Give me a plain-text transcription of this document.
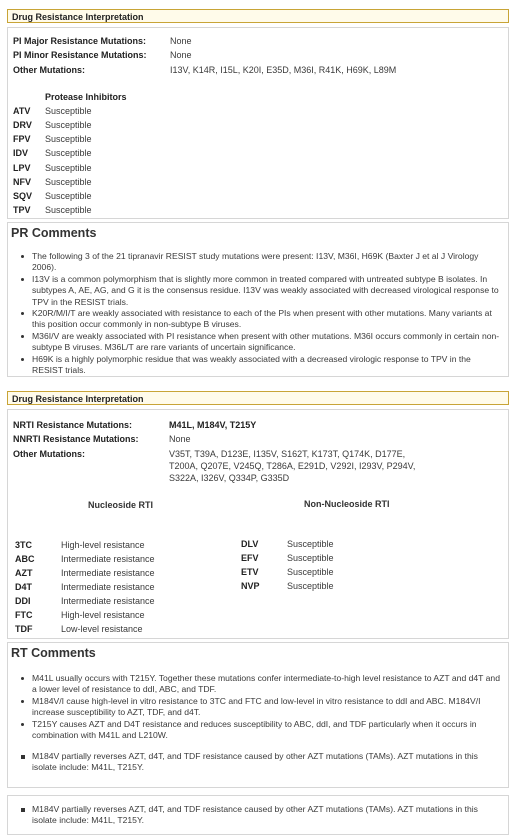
Drug Resistance Interpretation
PI Major Resistance Mutations:	None
PI Minor Resistance Mutations:	None
Other Mutations:	I13V, K14R, I15L, K20I, E35D, M36I, R41K, H69K, L89M
Protease Inhibitors
ATV Susceptible
DRV Susceptible
FPV Susceptible
IDV Susceptible
LPV Susceptible
NFV Susceptible
SQV Susceptible
TPV Susceptible
PR Comments
The following 3 of the 21 tipranavir RESIST study mutations were present: I13V, M36I, H69K (Baxter J et al J Virology 2006).
I13V is a common polymorphism that is slightly more common in treated compared with untreated subtype B isolates. In subtypes A, AE, AG, and G it is the consensus residue. I13V was weakly associated with decreased virological response to TPV in the RESIST trials.
K20R/M/I/T are weakly associated with resistance to each of the PIs when present with other mutations. Many variants at this position occur commonly in non-subtype B viruses.
M36I/V are weakly associated with PI resistance when present with other mutations. M36I occurs commonly in certain non-subtype B viruses. M36L/T are rare variants of uncertain significance.
H69K is a highly polymorphic residue that was weakly associated with a decreased virologic response to TPV in the RESIST trials.
Drug Resistance Interpretation
NRTI Resistance Mutations:	M41L, M184V, T215Y
NNRTI Resistance Mutations:	None
Other Mutations:	V35T, T39A, D123E, I135V, S162T, K173T, Q174K, D177E,
T200A, Q207E, V245Q, T286A, E291D, V292I, I293V, P294V,
S322A, I326V, Q334P, G335D
Nucleoside RTI	Non-Nucleoside RTI
3TC	High-level resistance
ABC	Intermediate resistance
AZT	Intermediate resistance
D4T	Intermediate resistance
DDI	Intermediate resistance
FTC	High-level resistance
TDF	Low-level resistance
DLV	Susceptible
EFV	Susceptible
ETV	Susceptible
NVP	Susceptible
RT Comments
M41L usually occurs with T215Y. Together these mutations confer intermediate-to-high level resistance to AZT and d4T and a lower level of resistance to ddI, ABC, and TDF.
M184V/I cause high-level in vitro resistance to 3TC and FTC and low-level in vitro resistance to ddI and ABC. M184V/I increase susceptibility to AZT, TDF, and d4T.
T215Y causes AZT and D4T resistance and reduces susceptibility to ABC, ddI, and TDF particularly when it occurs in combination with M41L and L210W.
M184V partially reverses AZT, d4T, and TDF resistance caused by other AZT mutations (TAMs). AZT mutations in this isolate include: M41L, T215Y.
M184V partially reverses AZT, d4T, and TDF resistance caused by other AZT mutations (TAMs). AZT mutations in this isolate include: M41L, T215Y.
